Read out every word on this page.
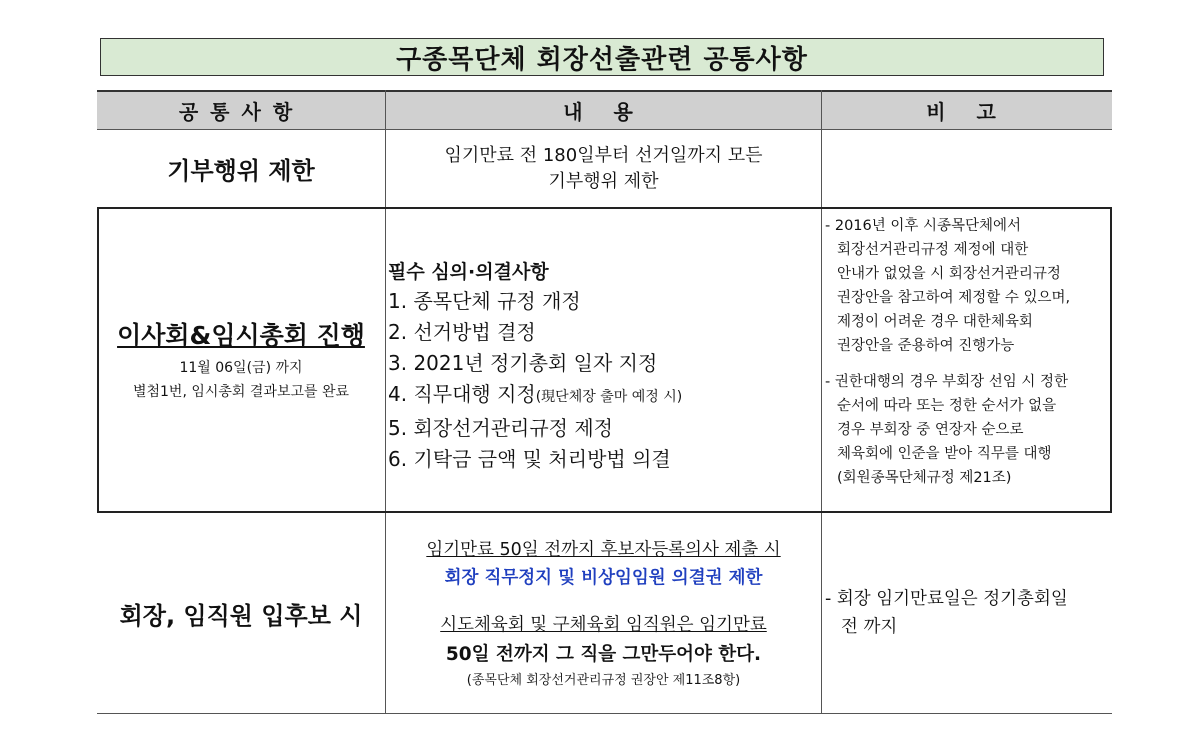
구종목단체 회장선출관련 공통사항
공통사항	내 용	비 고
기부행위 제한
임기만료 전 180일부터 선거일까지 모든
기부행위 제한
이사회&임시총회 진행
11월 06일(금) 까지
별첨1번, 임시총회 결과보고를 완료
필수 심의·의결사항
1. 종목단체 규정 개정
2. 선거방법 결정
3. 2021년 정기총회 일자 지정
4. 직무대행 지정(現단체장 출마 예정 시)
5. 회장선거관리규정 제정
6. 기탁금 금액 및 처리방법 의결
- 2016년 이후 시종목단체에서
회장선거관리규정 제정에 대한
안내가 없었을 시 회장선거관리규정
권장안을 참고하여 제정할 수 있으며,
제정이 어려운 경우 대한체육회
권장안을 준용하여 진행가능
- 권한대행의 경우 부회장 선임 시 정한
순서에 따라 또는 정한 순서가 없을
경우 부회장 중 연장자 순으로
체육회에 인준을 받아 직무를 대행
(회원종목단체규정 제21조)
회장, 임직원 입후보 시
임기만료 50일 전까지 후보자등록의사 제출 시
회장 직무정지 및 비상임임원 의결권 제한
시도체육회 및 구체육회 임직원은 임기만료
50일 전까지 그 직을 그만두어야 한다.
(종목단체 회장선거관리규정 권장안 제11조8항)
- 회장 임기만료일은 정기총회일
전 까지
